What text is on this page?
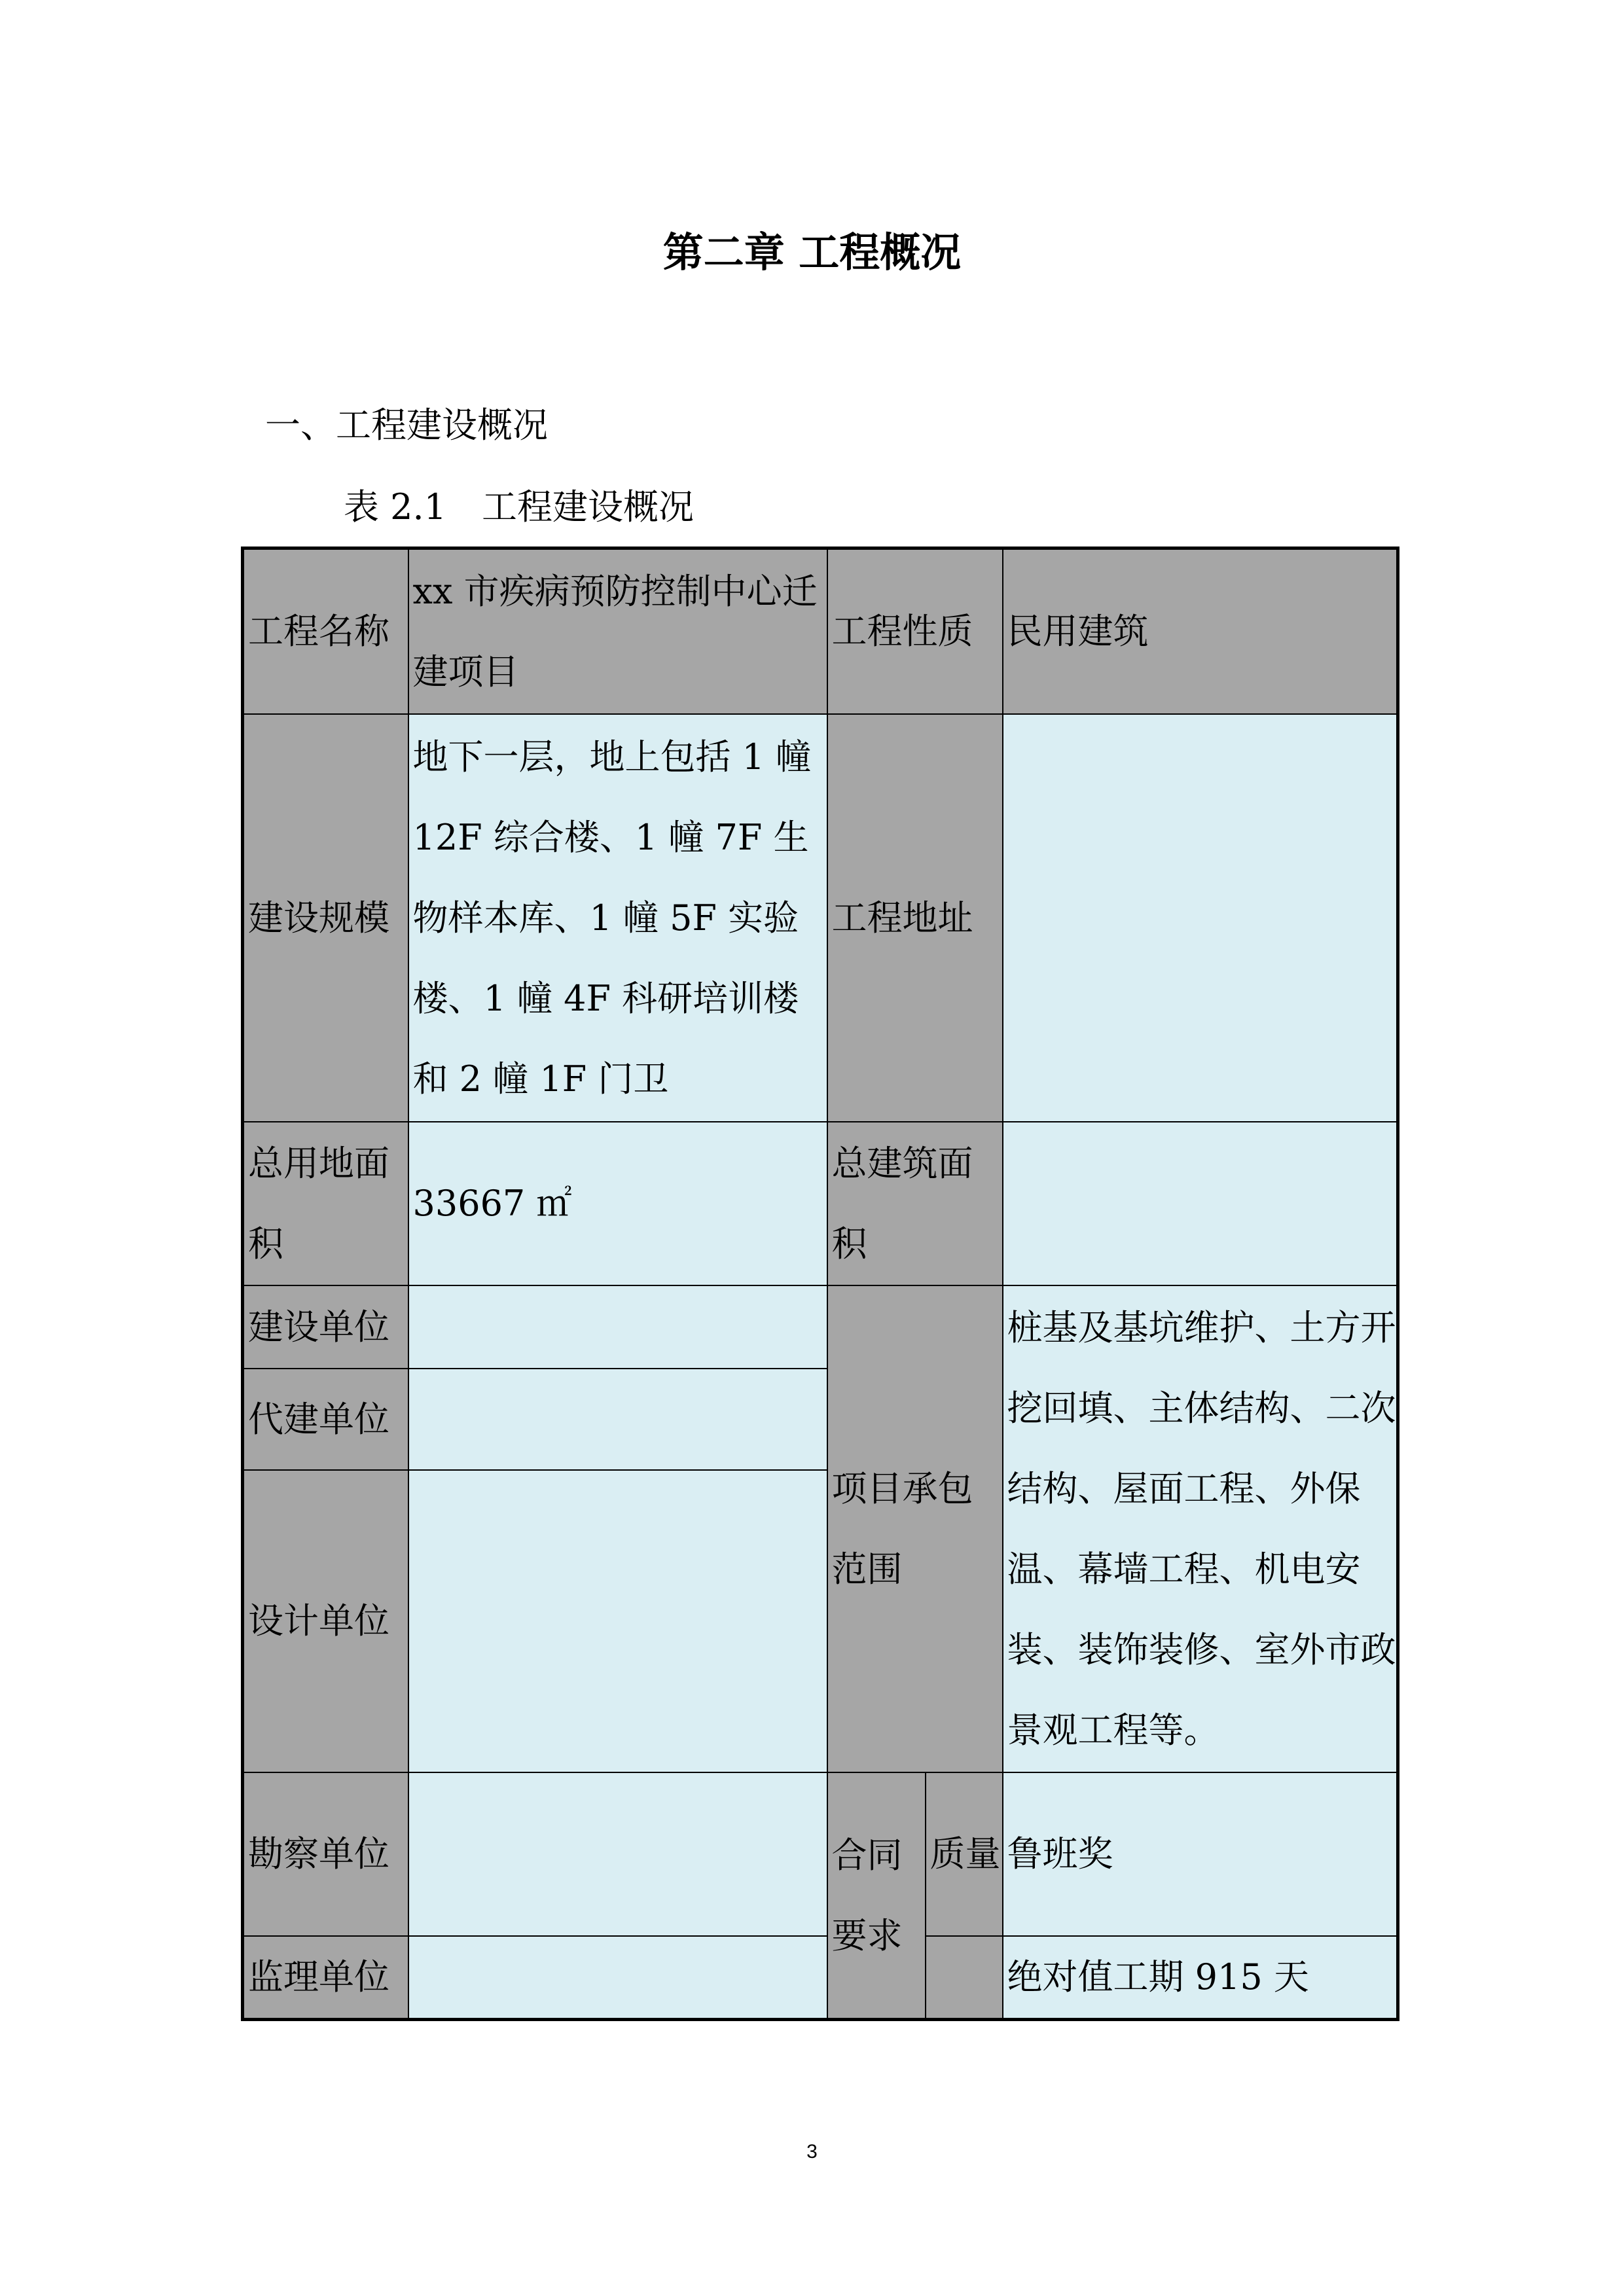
第二章 工程概况
一、工程建设概况
表 2.1　工程建设概况
工程名称	xx 市疾病预防控制中心迁建项目	工程性质		民用建筑
建设规模	地下一层，地上包括 1 幢 12F 综合楼、1 幢 7F 生物样本库、1 幢 5F 实验楼、1 幢 4F 科研培训楼和 2 幢 1F 门卫	工程地址		
总用地面积	33667 ㎡	总建筑面积		
建设单位		项目承包范围		桩基及基坑维护、土方开挖回填、主体结构、二次结构、屋面工程、外保温、幕墙工程、机电安装、装饰装修、室外市政景观工程等。
代建单位				
设计单位				
勘察单位		合同要求	质量	鲁班奖
监理单位				绝对值工期 915 天
3
